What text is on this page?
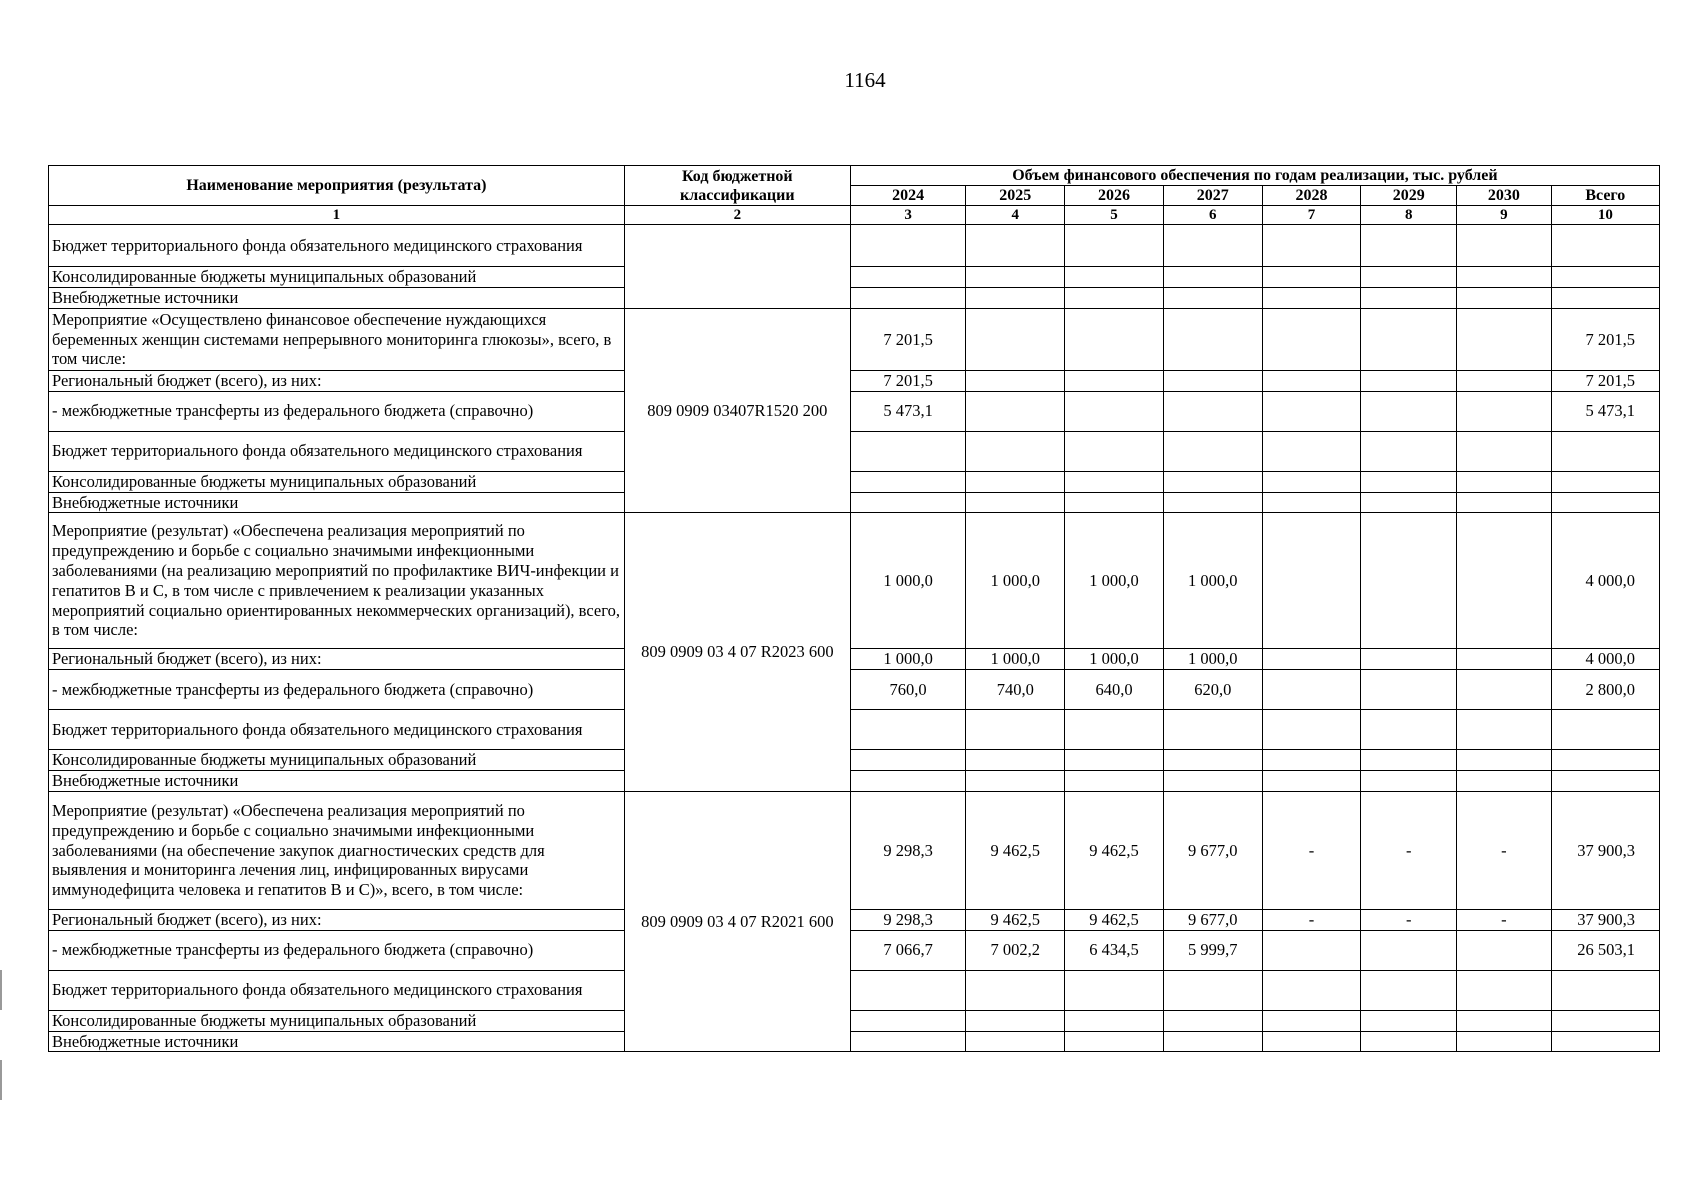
1164
Наименование мероприятия (результата)	Код бюджетной классификации	Объем финансового обеспечения по годам реализации, тыс. рублей							
		2024	2025	2026	2027	2028	2029	2030	Всего
1	2	3	4	5	6	7	8	9	10
Бюджет территориального фонда обязательного медицинского страхования									
Консолидированные бюджеты муниципальных образований									
Внебюджетные источники									
Мероприятие «Осуществлено финансовое обеспечение нуждающихся беременных женщин системами непрерывного мониторинга глюкозы», всего, в том числе:	809 0909 03407R1520 200	7 201,5							7 201,5
Региональный бюджет (всего), из них:		7 201,5							7 201,5
- межбюджетные трансферты из федерального бюджета (справочно)		5 473,1							5 473,1
Бюджет территориального фонда обязательного медицинского страхования									
Консолидированные бюджеты муниципальных образований									
Внебюджетные источники									
Мероприятие (результат) «Обеспечена реализация мероприятий по предупреждению и борьбе с социально значимыми инфекционными заболеваниями (на реализацию мероприятий по профилактике ВИЧ-инфекции и гепатитов B и C, в том числе с привлечением к реализации указанных мероприятий социально ориентированных некоммерческих организаций), всего, в том числе:	809 0909 03 4 07 R2023 600	1 000,0	1 000,0	1 000,0	1 000,0				4 000,0
Региональный бюджет (всего), из них:		1 000,0	1 000,0	1 000,0	1 000,0				4 000,0
- межбюджетные трансферты из федерального бюджета (справочно)		760,0	740,0	640,0	620,0				2 800,0
Бюджет территориального фонда обязательного медицинского страхования									
Консолидированные бюджеты муниципальных образований									
Внебюджетные источники									
Мероприятие (результат) «Обеспечена реализация мероприятий по предупреждению и борьбе с социально значимыми инфекционными заболеваниями (на обеспечение закупок диагностических средств для выявления и мониторинга лечения лиц, инфицированных вирусами иммунодефицита человека и гепатитов B и C)», всего, в том числе:	809 0909 03 4 07 R2021 600	9 298,3	9 462,5	9 462,5	9 677,0	-	-	-	37 900,3
Региональный бюджет (всего), из них:		9 298,3	9 462,5	9 462,5	9 677,0	-	-	-	37 900,3
- межбюджетные трансферты из федерального бюджета (справочно)		7 066,7	7 002,2	6 434,5	5 999,7				26 503,1
Бюджет территориального фонда обязательного медицинского страхования									
Консолидированные бюджеты муниципальных образований									
Внебюджетные источники									
